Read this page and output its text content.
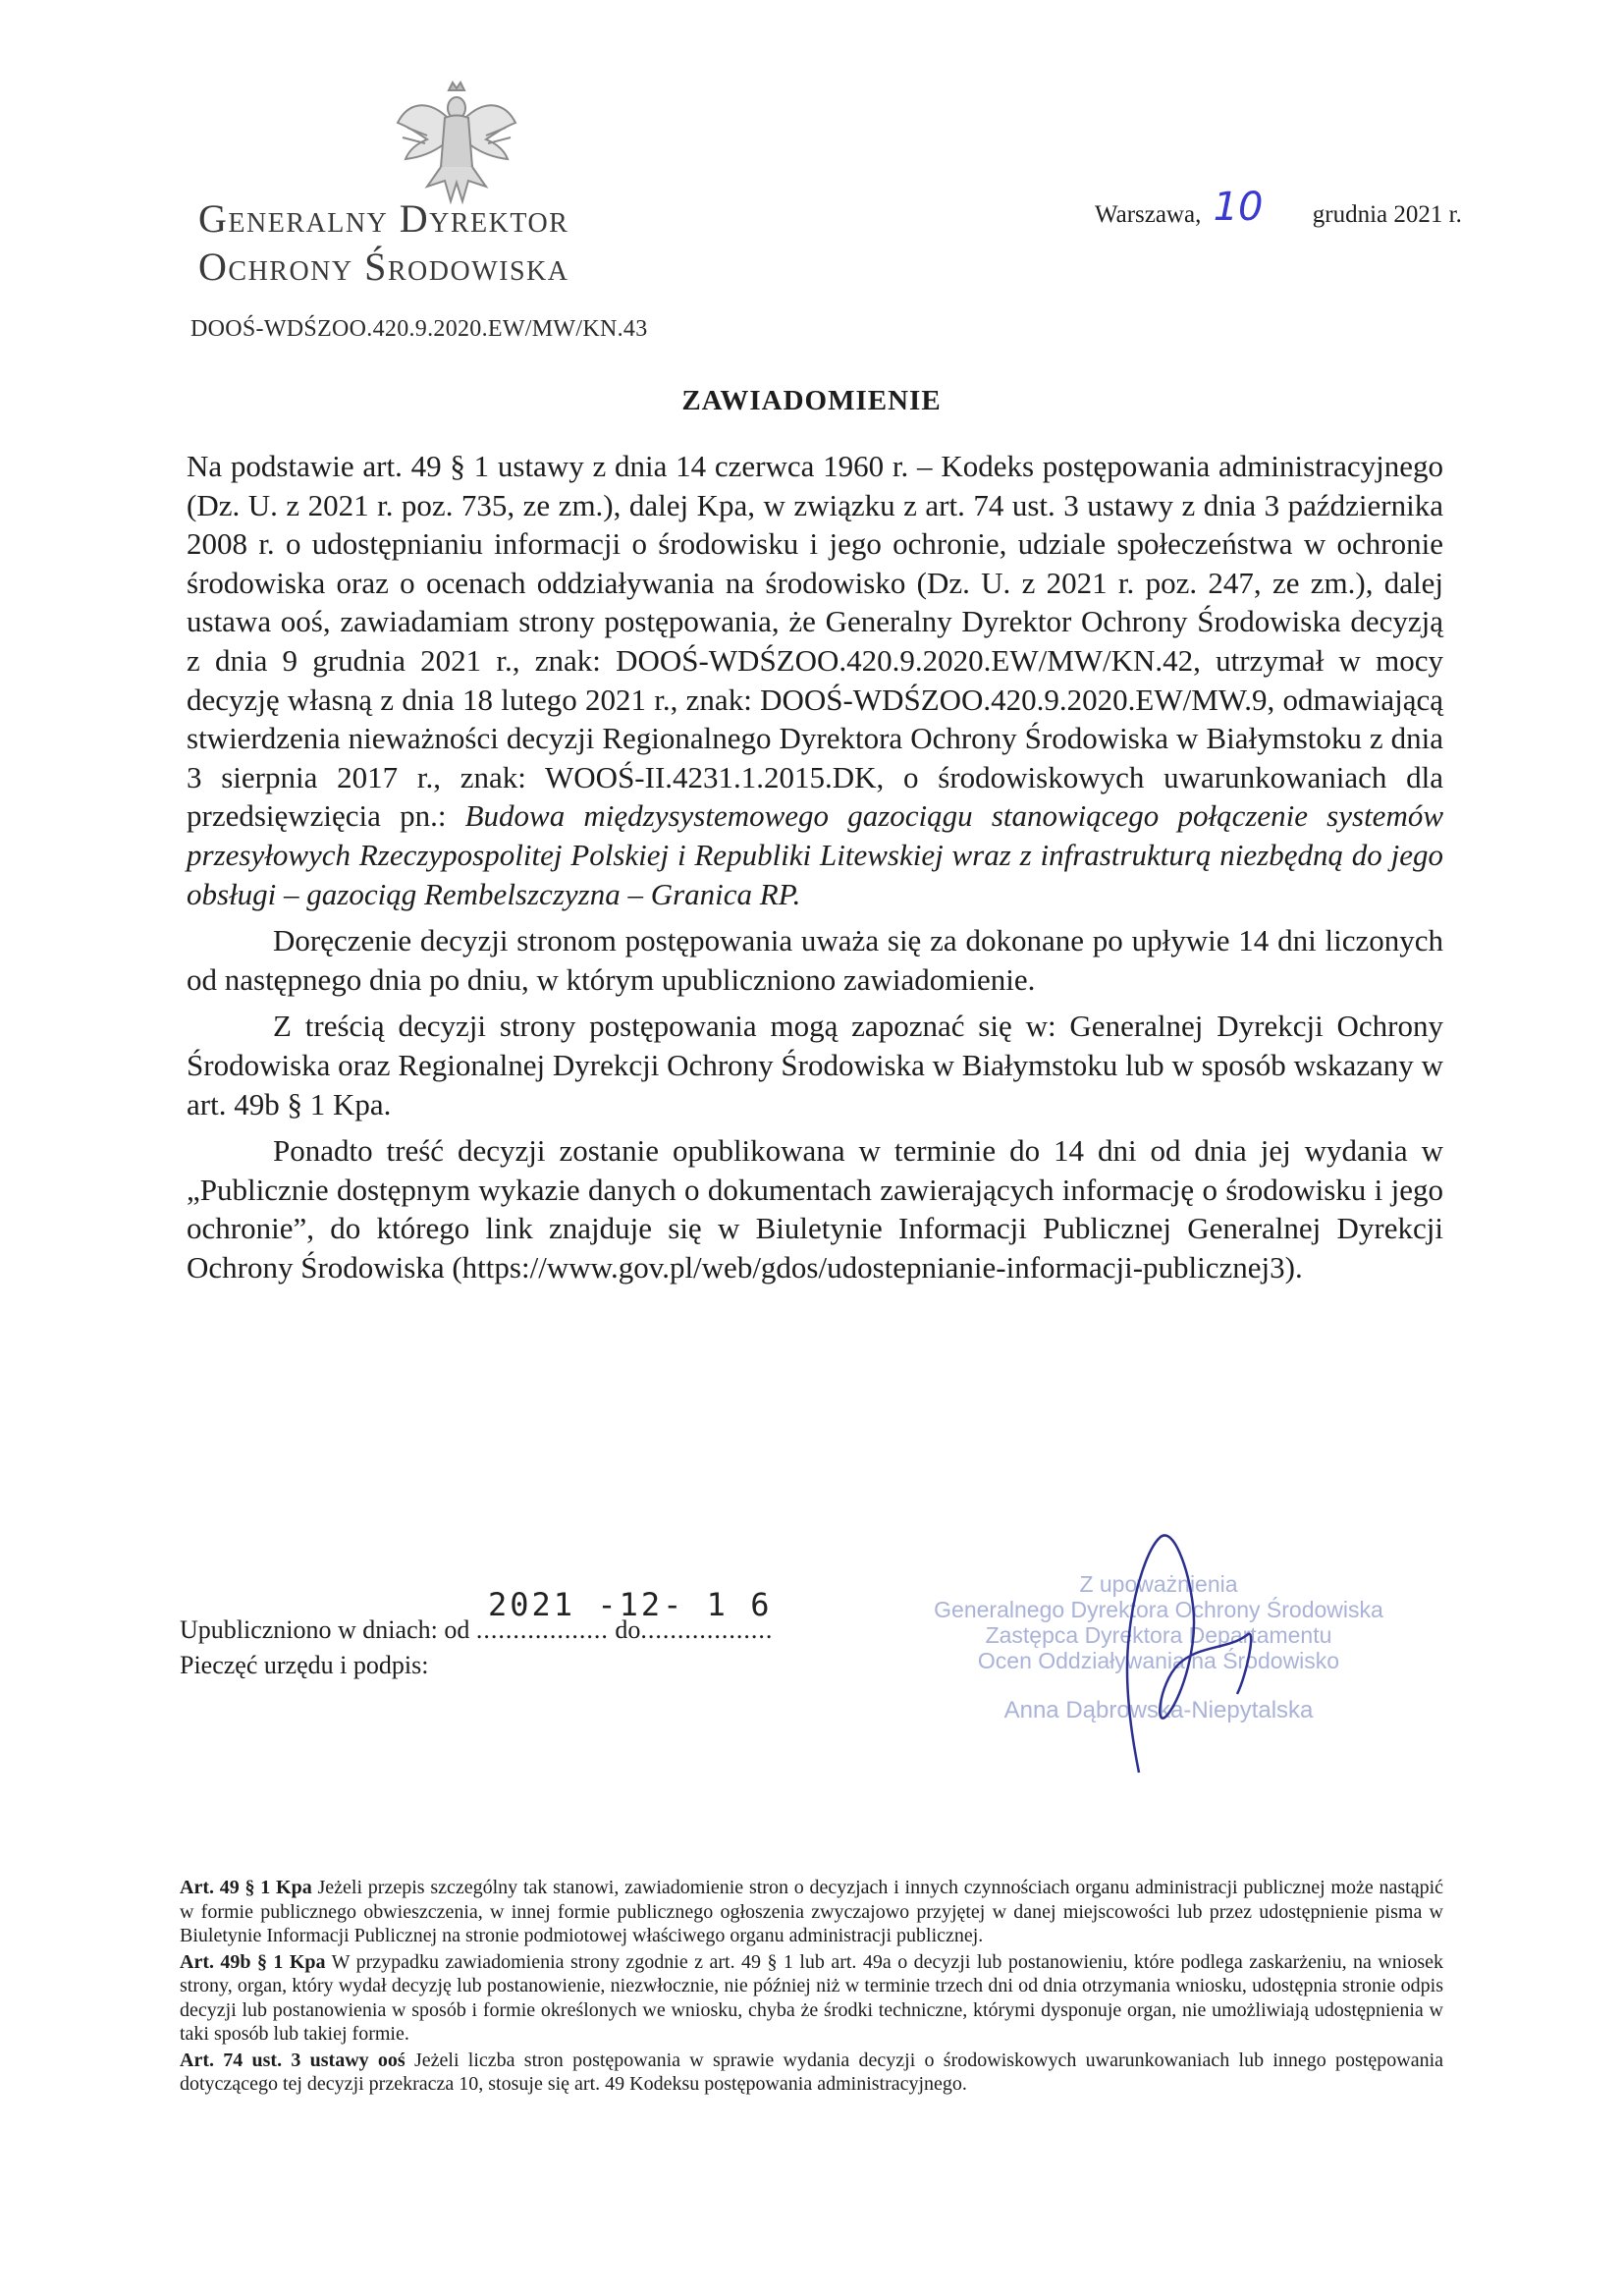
Generalny Dyrektor
Ochrony Środowiska
Warszawa, 10 grudnia 2021 r.
DOOŚ-WDŚZOO.420.9.2020.EW/MW/KN.43
ZAWIADOMIENIE

Na podstawie art. 49 § 1 ustawy z dnia 14 czerwca 1960 r. – Kodeks postępowania administracyjnego (Dz. U. z 2021 r. poz. 735, ze zm.), dalej Kpa, w związku z art. 74 ust. 3 ustawy z dnia 3 października 2008 r. o udostępnianiu informacji o środowisku i jego ochronie, udziale społeczeństwa w ochronie środowiska oraz o ocenach oddziaływania na środowisko (Dz. U. z 2021 r. poz. 247, ze zm.), dalej ustawa ooś, zawiadamiam strony postępowania, że Generalny Dyrektor Ochrony Środowiska decyzją z dnia 9 grudnia 2021 r., znak: DOOŚ-WDŚZOO.420.9.2020.EW/MW/KN.42, utrzymał w mocy decyzję własną z dnia 18 lutego 2021 r., znak: DOOŚ-WDŚZOO.420.9.2020.EW/MW.9, odmawiającą stwierdzenia nieważności decyzji Regionalnego Dyrektora Ochrony Środowiska w Białymstoku z dnia 3 sierpnia 2017 r., znak: WOOŚ-II.4231.1.2015.DK, o środowiskowych uwarunkowaniach dla przedsięwzięcia pn.: Budowa międzysystemowego gazociągu stanowiącego połączenie systemów przesyłowych Rzeczypospolitej Polskiej i Republiki Litewskiej wraz z infrastrukturą niezbędną do jego obsługi – gazociąg Rembelszczyzna – Granica RP.

Doręczenie decyzji stronom postępowania uważa się za dokonane po upływie 14 dni liczonych od następnego dnia po dniu, w którym upubliczniono zawiadomienie.

Z treścią decyzji strony postępowania mogą zapoznać się w: Generalnej Dyrekcji Ochrony Środowiska oraz Regionalnej Dyrekcji Ochrony Środowiska w Białymstoku lub w sposób wskazany w art. 49b § 1 Kpa.

Ponadto treść decyzji zostanie opublikowana w terminie do 14 dni od dnia jej wydania w „Publicznie dostępnym wykazie danych o dokumentach zawierających informację o środowisku i jego ochronie”, do którego link znajduje się w Biuletynie Informacji Publicznej Generalnej Dyrekcji Ochrony Środowiska (https://www.gov.pl/web/gdos/udostepnianie-informacji-publicznej3).

2021 -12- 1 6
Upubliczniono w dniach: od .................. do..................
Pieczęć urzędu i podpis:
Z upoważnienia
Generalnego Dyrektora Ochrony Środowiska
Zastępca Dyrektora Departamentu
Ocen Oddziaływania na Środowisko
Anna Dąbrowska-Niepytalska

Art. 49 § 1 Kpa Jeżeli przepis szczególny tak stanowi, zawiadomienie stron o decyzjach i innych czynnościach organu administracji publicznej może nastąpić w formie publicznego obwieszczenia, w innej formie publicznego ogłoszenia zwyczajowo przyjętej w danej miejscowości lub przez udostępnienie pisma w Biuletynie Informacji Publicznej na stronie podmiotowej właściwego organu administracji publicznej.

Art. 49b § 1 Kpa W przypadku zawiadomienia strony zgodnie z art. 49 § 1 lub art. 49a o decyzji lub postanowieniu, które podlega zaskarżeniu, na wniosek strony, organ, który wydał decyzję lub postanowienie, niezwłocznie, nie później niż w terminie trzech dni od dnia otrzymania wniosku, udostępnia stronie odpis decyzji lub postanowienia w sposób i formie określonych we wniosku, chyba że środki techniczne, którymi dysponuje organ, nie umożliwiają udostępnienia w taki sposób lub takiej formie.

Art. 74 ust. 3 ustawy ooś Jeżeli liczba stron postępowania w sprawie wydania decyzji o środowiskowych uwarunkowaniach lub innego postępowania dotyczącego tej decyzji przekracza 10, stosuje się art. 49 Kodeksu postępowania administracyjnego.
